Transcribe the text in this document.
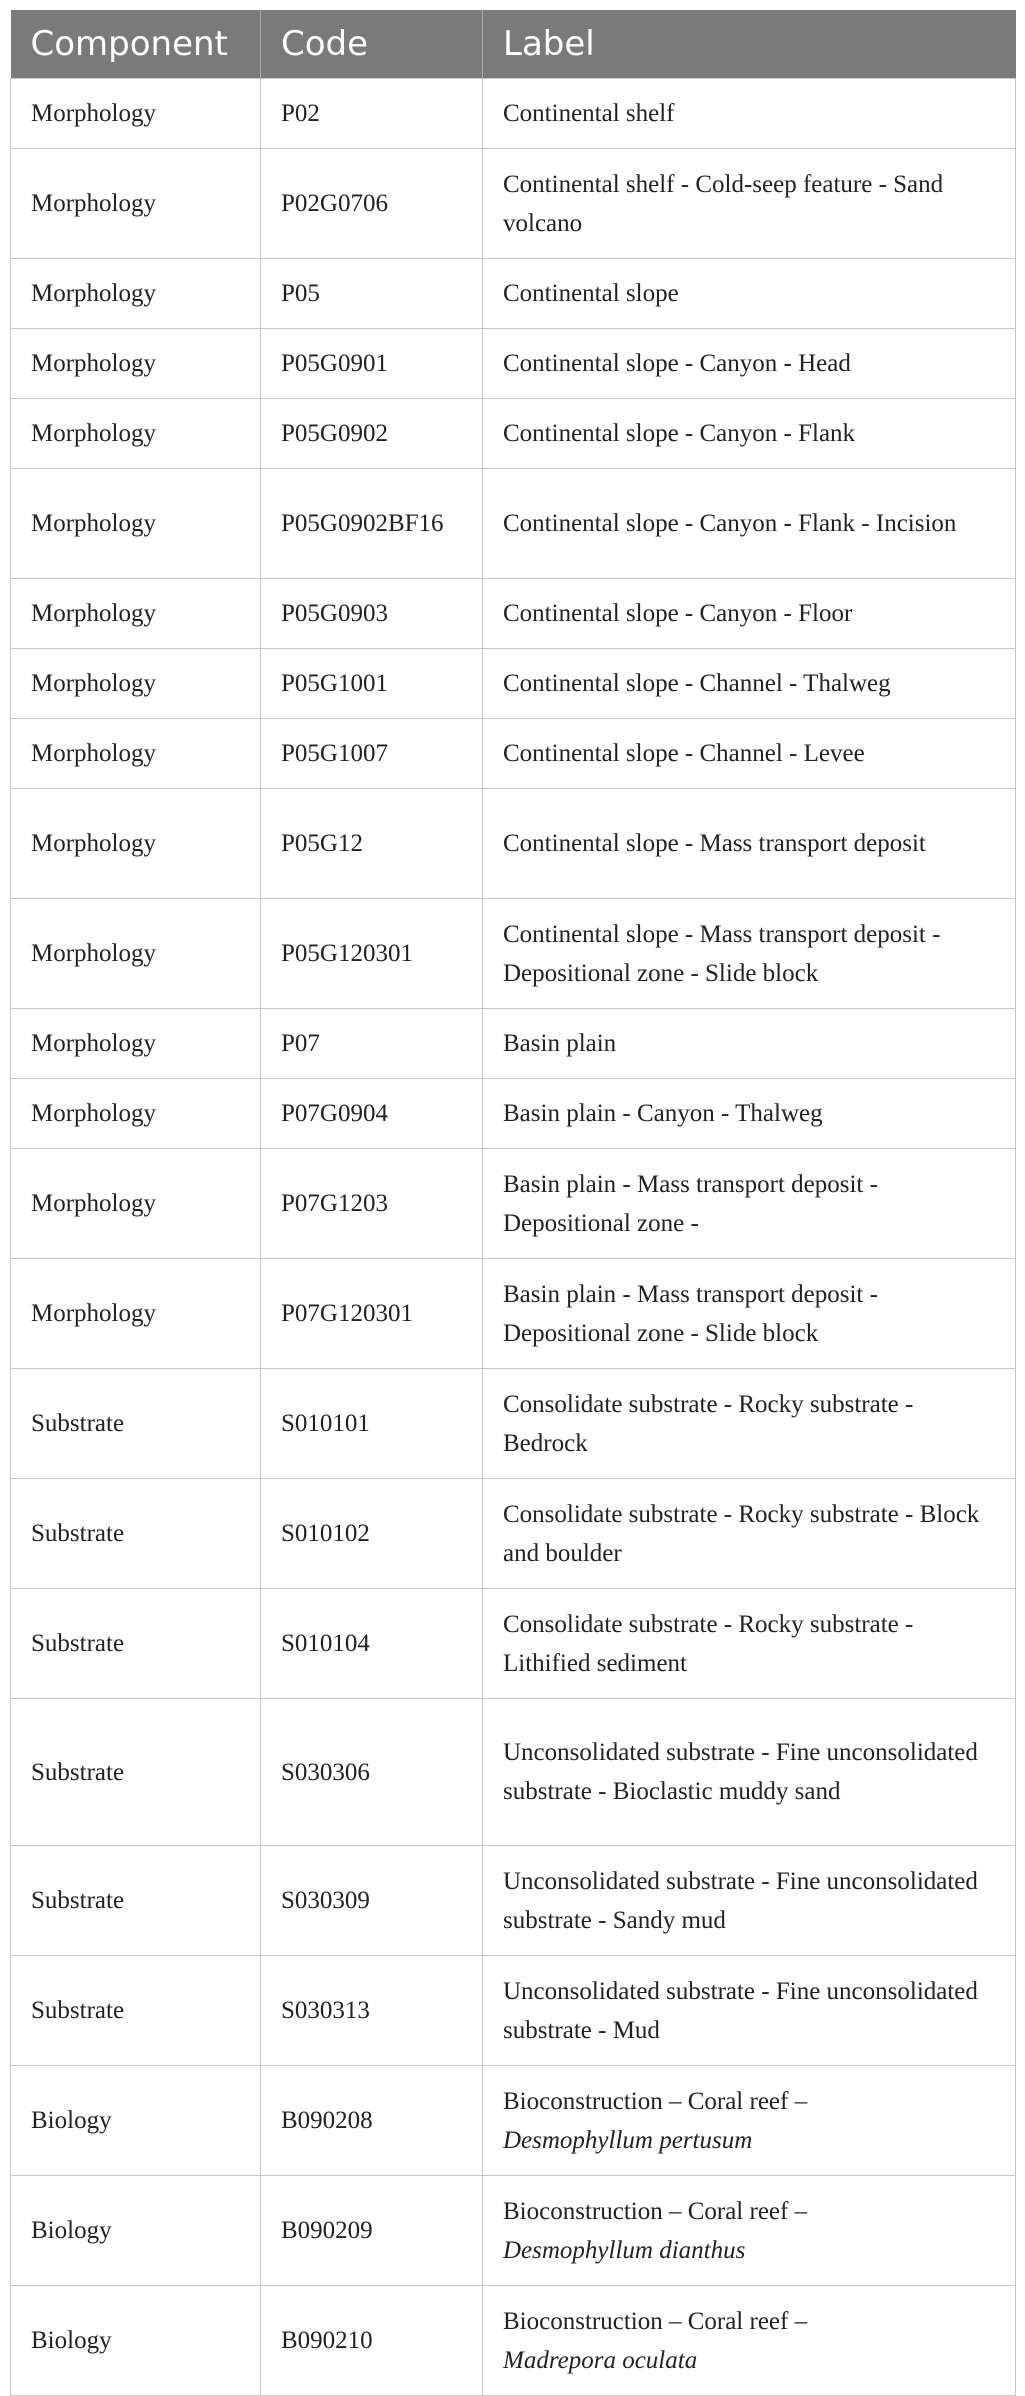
Component	Code	Label
Morphology	P02	Continental shelf
Morphology	P02G0706	Continental shelf - Cold-seep feature - Sand volcano
Morphology	P05	Continental slope
Morphology	P05G0901	Continental slope - Canyon - Head
Morphology	P05G0902	Continental slope - Canyon - Flank
Morphology	P05G0902BF16	Continental slope - Canyon - Flank - Incision
Morphology	P05G0903	Continental slope - Canyon - Floor
Morphology	P05G1001	Continental slope - Channel - Thalweg
Morphology	P05G1007	Continental slope - Channel - Levee
Morphology	P05G12	Continental slope - Mass transport deposit
Morphology	P05G120301	Continental slope - Mass transport deposit - Depositional zone - Slide block
Morphology	P07	Basin plain
Morphology	P07G0904	Basin plain - Canyon - Thalweg
Morphology	P07G1203	Basin plain - Mass transport deposit - Depositional zone -
Morphology	P07G120301	Basin plain - Mass transport deposit - Depositional zone - Slide block
Substrate	S010101	Consolidate substrate - Rocky substrate - Bedrock
Substrate	S010102	Consolidate substrate - Rocky substrate - Block and boulder
Substrate	S010104	Consolidate substrate - Rocky substrate - Lithified sediment
Substrate	S030306	Unconsolidated substrate - Fine unconsolidated substrate - Bioclastic muddy sand
Substrate	S030309	Unconsolidated substrate - Fine unconsolidated substrate - Sandy mud
Substrate	S030313	Unconsolidated substrate - Fine unconsolidated substrate - Mud
Biology	B090208	Bioconstruction – Coral reef –
Desmophyllum pertusum
Biology	B090209	Bioconstruction – Coral reef –
Desmophyllum dianthus
Biology	B090210	Bioconstruction – Coral reef –
Madrepora oculata
